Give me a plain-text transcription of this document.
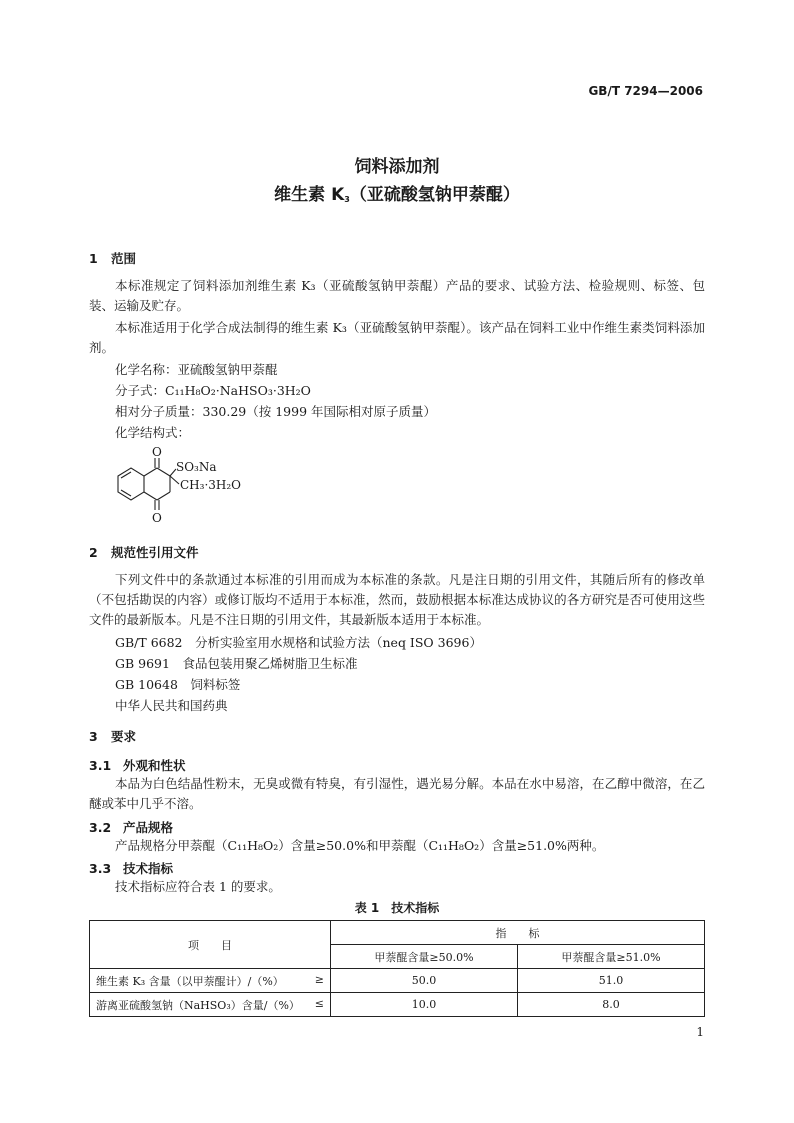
GB/T 7294—2006
饲料添加剂
维生素 $K_3$（亚硫酸氢钠甲萘醌）
1 范围
本标准规定了饲料添加剂维生素 K₃（亚硫酸氢钠甲萘醌）产品的要求、试验方法、检验规则、标签、包装、运输及贮存。
本标准适用于化学合成法制得的维生素 K₃（亚硫酸氢钠甲萘醌）。该产品在饲料工业中作维生素类饲料添加剂。
化学名称：亚硫酸氢钠甲萘醌
分子式：C₁₁H₈O₂·NaHSO₃·3H₂O
相对分子质量：330.29（按 1999 年国际相对原子质量）
化学结构式：
O
O
SO₃Na
CH₃·3H₂O
2 规范性引用文件
下列文件中的条款通过本标准的引用而成为本标准的条款。凡是注日期的引用文件，其随后所有的修改单（不包括勘误的内容）或修订版均不适用于本标准，然而，鼓励根据本标准达成协议的各方研究是否可使用这些文件的最新版本。凡是不注日期的引用文件，其最新版本适用于本标准。
GB/T 6682　分析实验室用水规格和试验方法（neq ISO 3696）
GB 9691　食品包装用聚乙烯树脂卫生标准
GB 10648　饲料标签
中华人民共和国药典
3 要求
3.1 外观和性状
本品为白色结晶性粉末，无臭或微有特臭，有引湿性，遇光易分解。本品在水中易溶，在乙醇中微溶，在乙醚或苯中几乎不溶。
3.2 产品规格
产品规格分甲萘醌（C₁₁H₈O₂）含量≥50.0%和甲萘醌（C₁₁H₈O₂）含量≥51.0%两种。
3.3 技术指标
技术指标应符合表 1 的要求。
表 1　技术指标
项　　目	指　　标	
	甲萘醌含量≥50.0%	甲萘醌含量≥51.0%
维生素 K₃ 含量（以甲萘醌计）/（%） ≥	50.0	51.0
游离亚硫酸氢钠（NaHSO₃）含量/（%） ≤	10.0	8.0
1
